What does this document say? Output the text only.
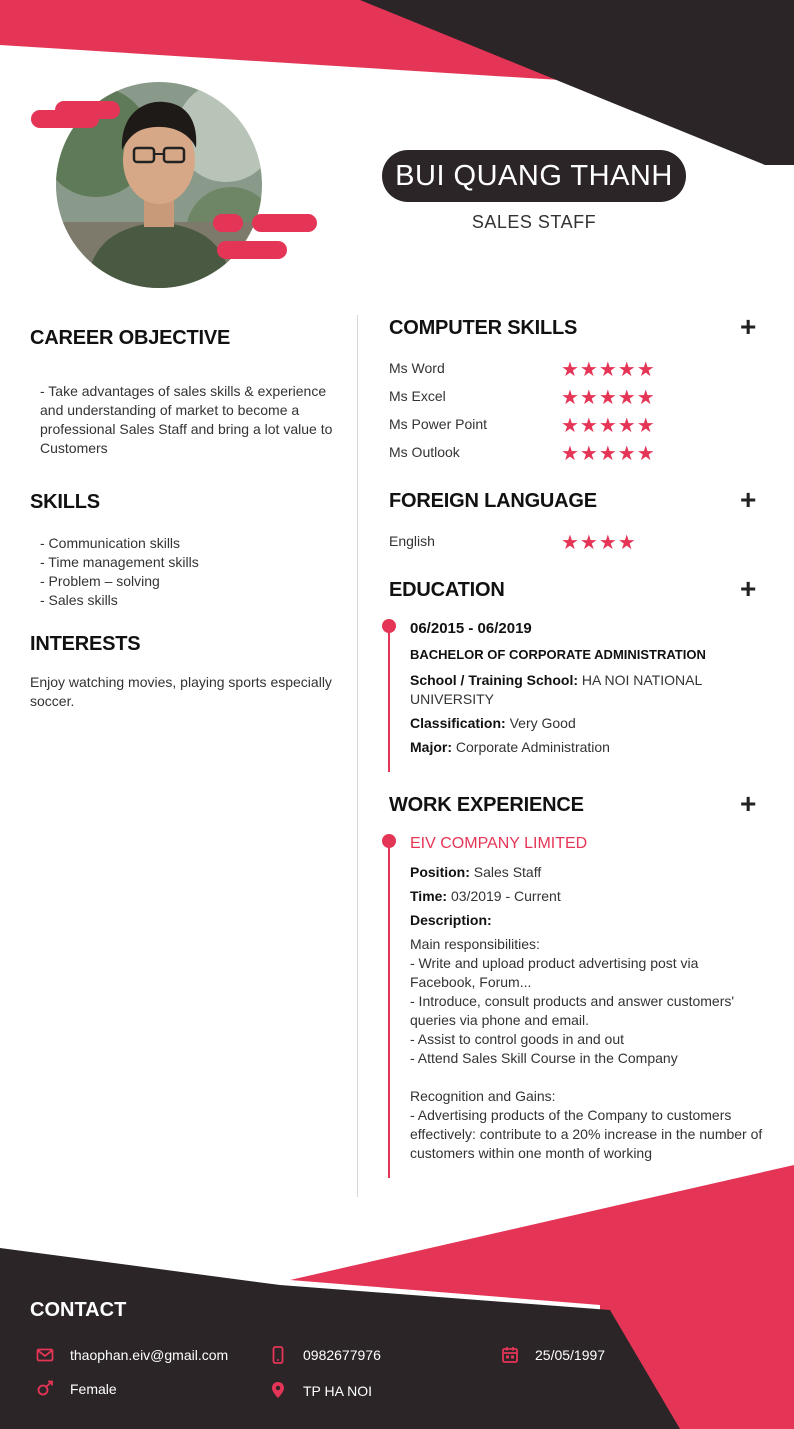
BUI QUANG THANH
SALES STAFF
CAREER OBJECTIVE
- Take advantages of sales skills & experience
and understanding of market to become a
professional Sales Staff and bring a lot value to
Customers
SKILLS
- Communication skills
- Time management skills
- Problem – solving
- Sales skills
INTERESTS
Enjoy watching movies, playing sports especially
soccer.
COMPUTER SKILLS	+
Ms Word	★★★★★
Ms Excel	★★★★★
Ms Power Point	★★★★★
Ms Outlook	★★★★★
FOREIGN LANGUAGE	+
English	★★★★
EDUCATION	+
06/2015 - 06/2019
BACHELOR OF CORPORATE ADMINISTRATION
School / Training School: HA NOI NATIONAL
UNIVERSITY
Classification: Very Good
Major: Corporate Administration
WORK EXPERIENCE	+
EIV COMPANY LIMITED
Position: Sales Staff
Time: 03/2019 - Current
Description:
Main responsibilities:
- Write and upload product advertising post via
Facebook, Forum...
- Introduce, consult products and answer customers'
queries via phone and email.
- Assist to control goods in and out
- Attend Sales Skill Course in the Company
Recognition and Gains:
- Advertising products of the Company to customers
effectively: contribute to a 20% increase in the number of
customers within one month of working
CONTACT
thaophan.eiv@gmail.com	0982677976	25/05/1997
Female	TP HA NOI
